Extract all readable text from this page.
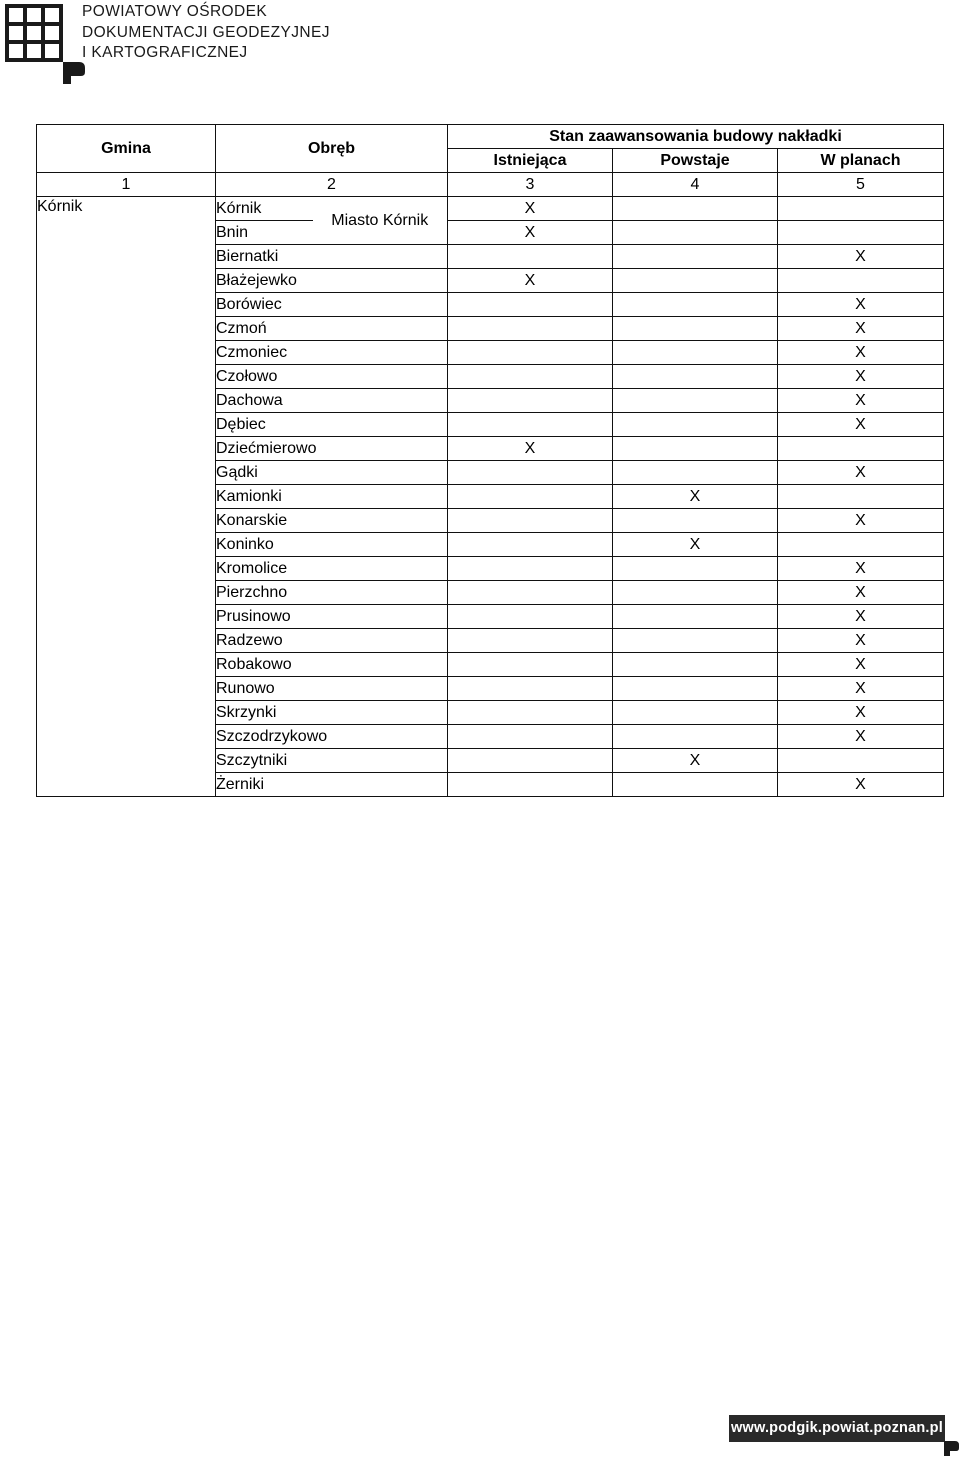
POWIATOWY OŚRODEK
DOKUMENTACJI GEODEZYJNEJ
I KARTOGRAFICZNEJ
Gmina	Obręb		Stan zaawansowania budowy nakładki		
			Istniejąca	Powstaje	W planach
1	2		3	4	5
Kórnik	Kórnik	Miasto Kórnik	X		
	Bnin		X		
	Biernatki				X
	Błażejewko		X		
	Borówiec				X
	Czmoń				X
	Czmoniec				X
	Czołowo				X
	Dachowa				X
	Dębiec				X
	Dziećmierowo		X		
	Gądki				X
	Kamionki			X	
	Konarskie				X
	Koninko			X	
	Kromolice				X
	Pierzchno				X
	Prusinowo				X
	Radzewo				X
	Robakowo				X
	Runowo				X
	Skrzynki				X
	Szczodrzykowo				X
	Szczytniki			X	
	Żerniki				X
www.podgik.powiat.poznan.pl
